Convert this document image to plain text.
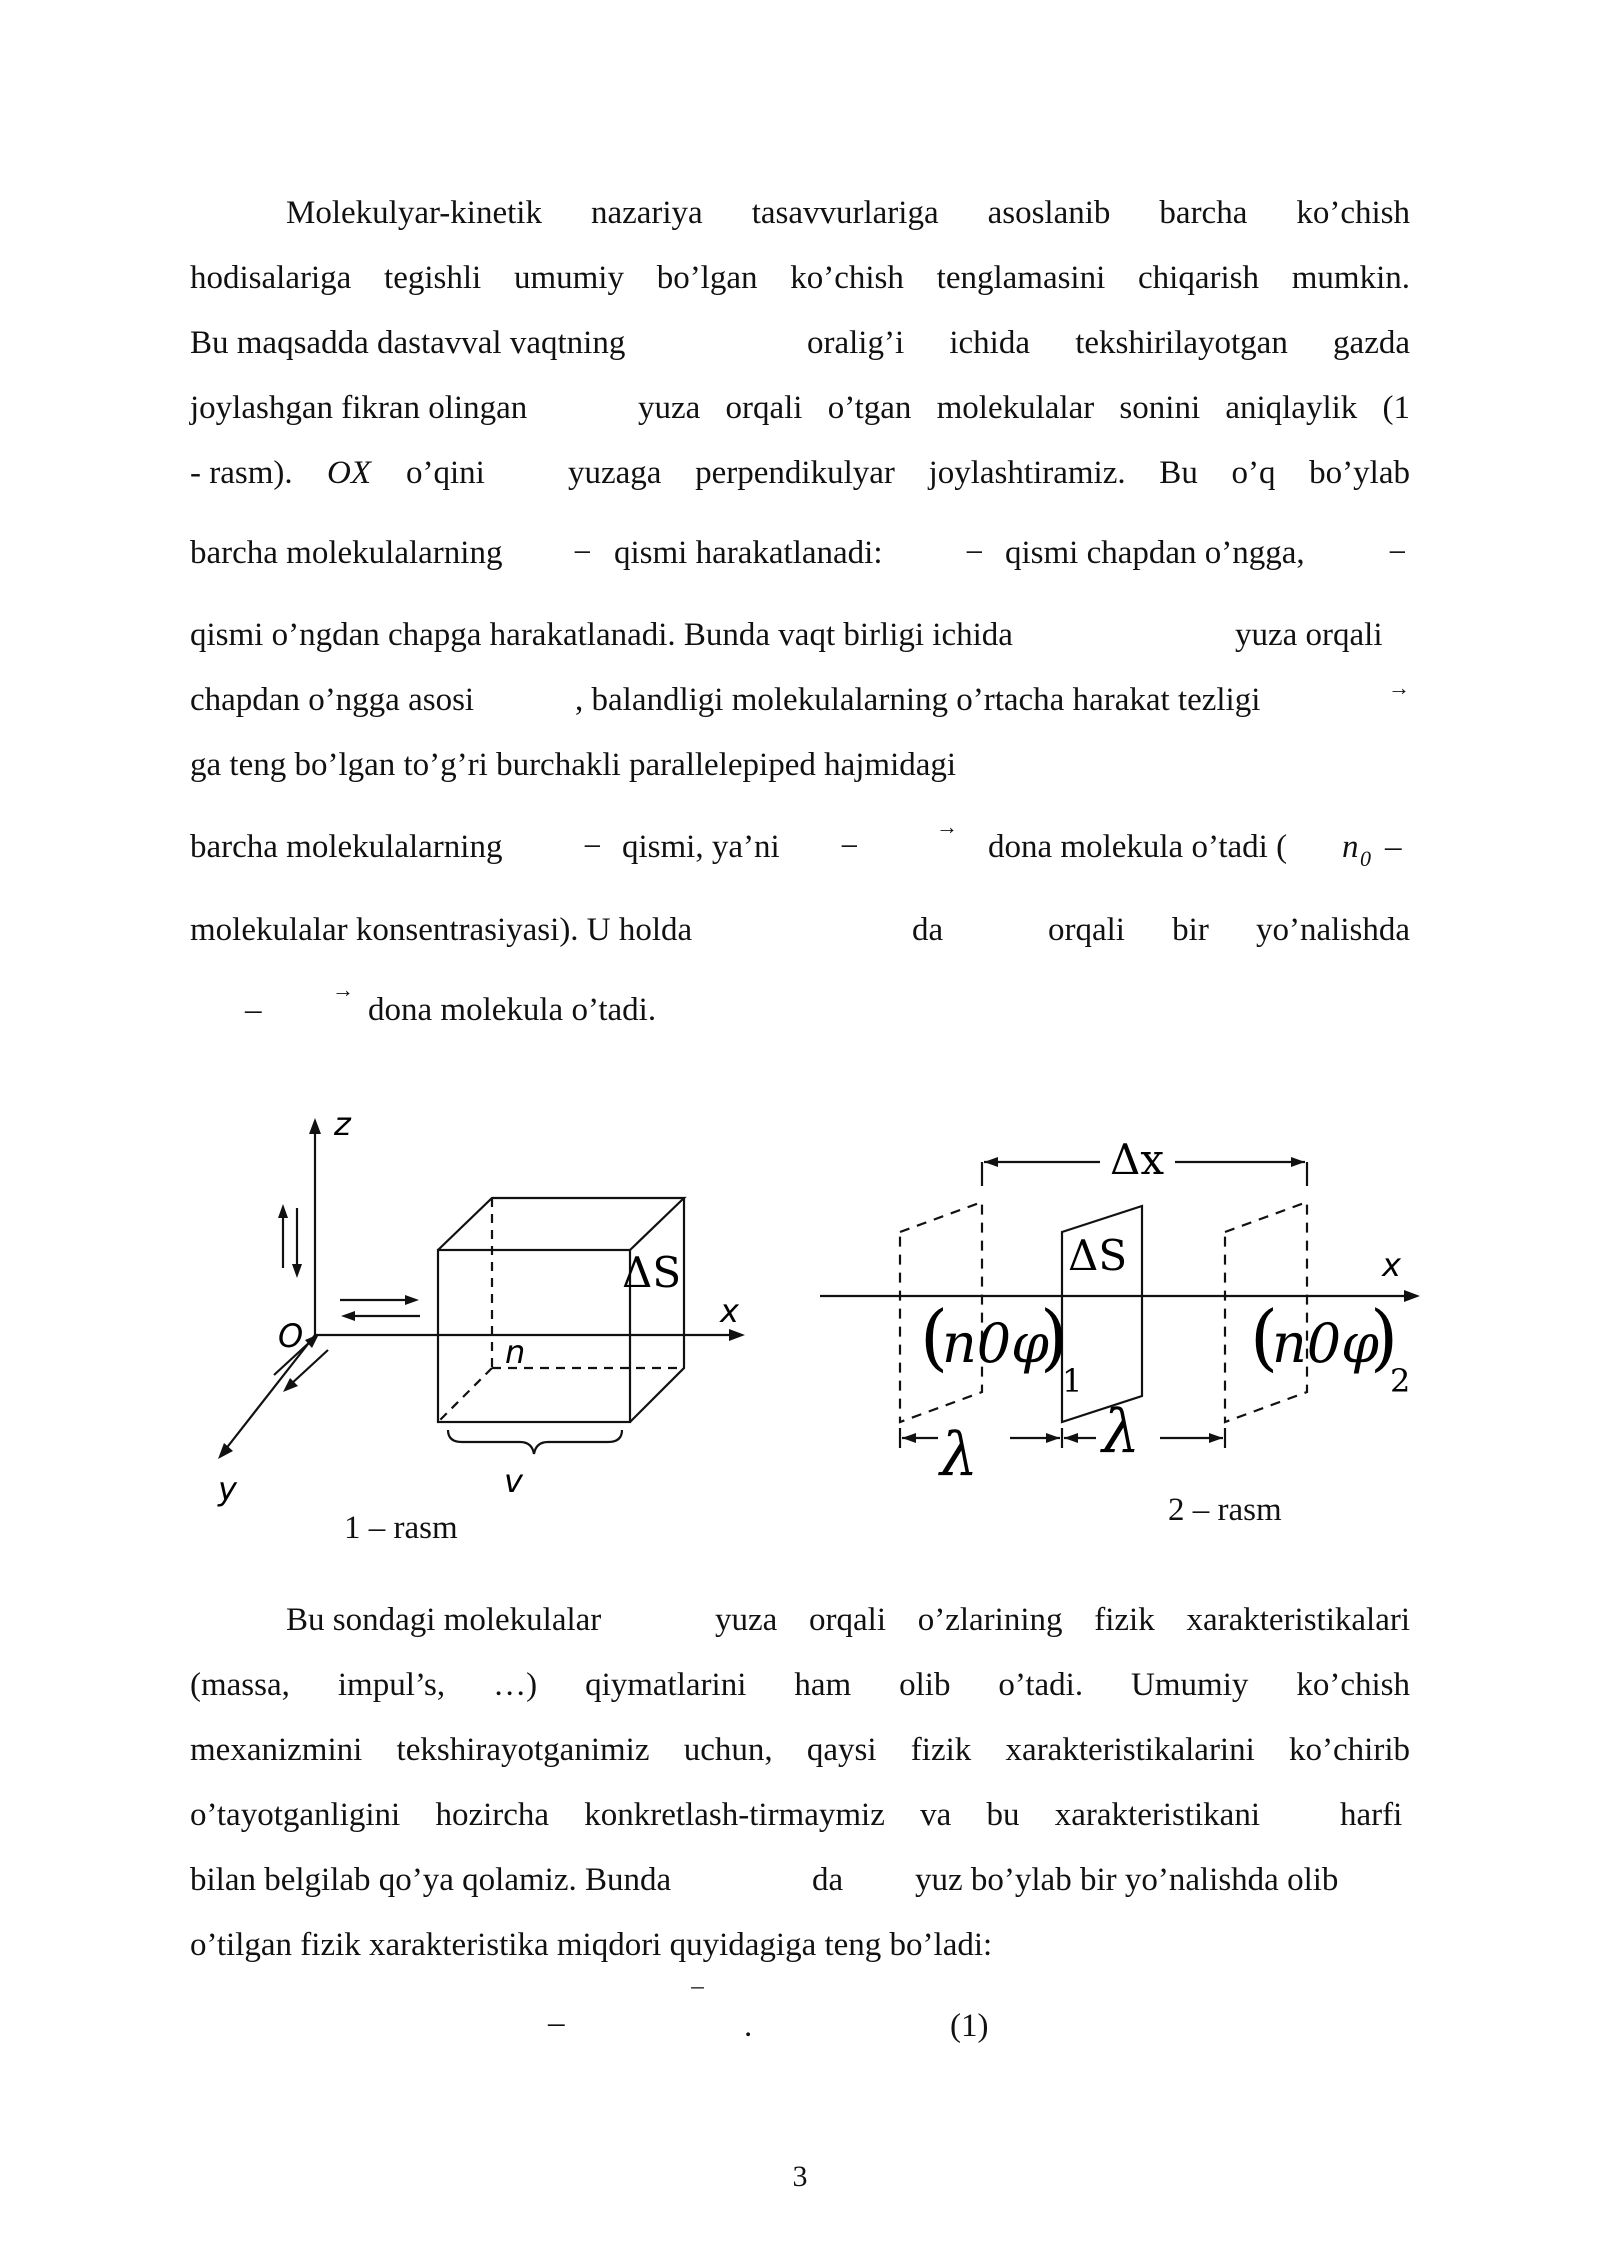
Molekulyar-kinetik nazariya tasavvurlariga asoslanib barcha ko’chish
hodisalariga tegishli umumiy bo’lgan ko’chish tenglamasini chiqarish mumkin.
Bu maqsadda dastavval vaqtning	oralig’i ichida tekshirilayotgan gazda
joylashgan fikran olingan	yuza orqali o’tgan molekulalar sonini aniqlaylik (1
- rasm). OX o’qini	yuzaga perpendikulyar joylashtiramiz. Bu o’q bo’ylab
barcha molekulalarning − qismi harakatlanadi:	− qismi chapdan o’ngga,	−
qismi o’ngdan chapga harakatlanadi. Bunda vaqt birligi ichida	yuza orqali
chapdan o’ngga asosi	, balandligi molekulalarning o’rtacha harakat tezligi	→
ga teng bo’lgan to’g’ri burchakli parallelepiped hajmidagi
barcha molekulalarning − qismi, ya’ni −
→
dona molekula o’tadi ( n 0 –
molekulalar konsentrasiyasi). U holda	da	orqali bir yo’nalishda
–
→
dona molekula o’tadi.
z
x
y
O
ΔS
n
v
1 – rasm
Δx
ΔS	x
(
n0φ
)
1
(
n0φ
)
2
λ λ
2 – rasm
Bu sondagi molekulalar	yuza orqali o’zlarining fizik xarakteristikalari
(massa, impul’s, …) qiymatlarini ham olib o’tadi. Umumiy ko’chish
mexanizmini tekshirayotganimiz uchun, qaysi fizik xarakteristikalarini ko’chirib
o’tayotganligini hozircha konkretlash-tirmaymiz va bu xarakteristikani harfi
bilan belgilab qo’ya qolamiz. Bunda	da yuz bo’ylab bir yo’nalishda olib
o’tilgan fizik xarakteristika miqdori quyidagiga teng bo’ladi:
–
‾
.	(1)
3
